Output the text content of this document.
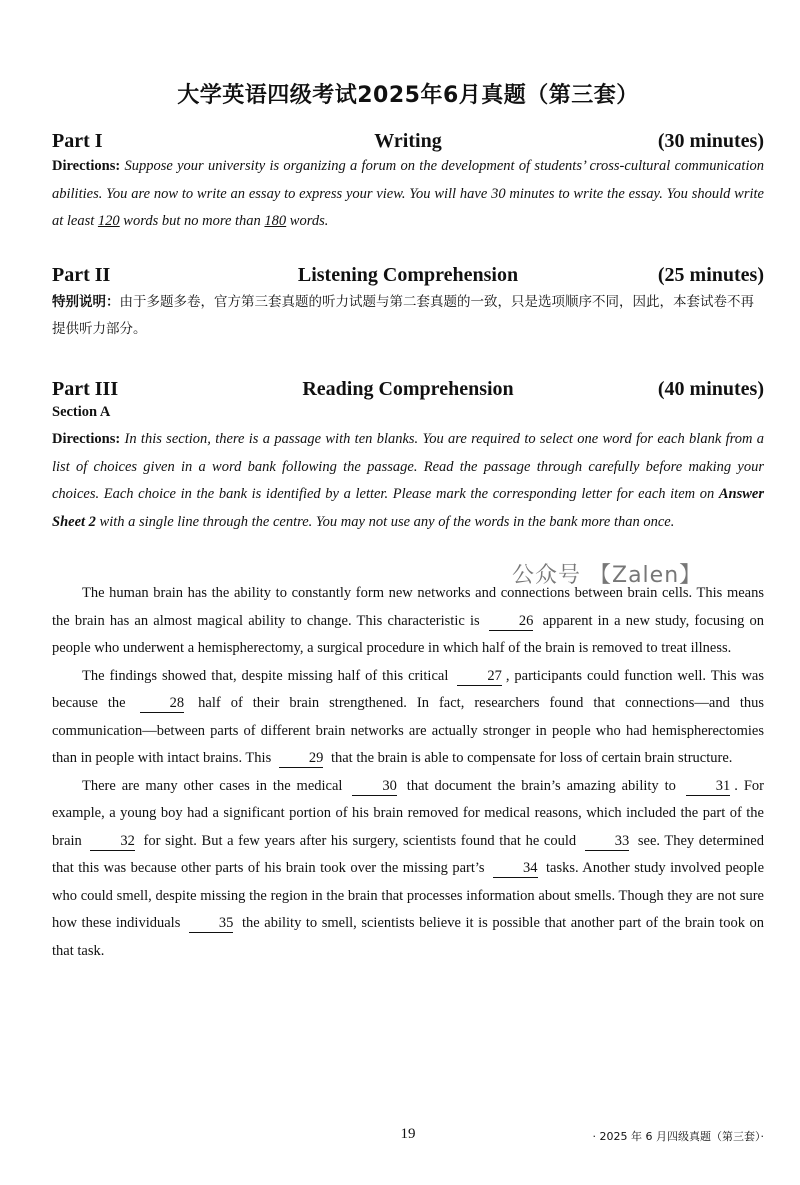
大学英语四级考试2025年6月真题（第三套）
Part I	Writing	(30 minutes)
Directions: Suppose your university is organizing a forum on the development of students’ cross-cultural communication abilities. You are now to write an essay to express your view. You will have 30 minutes to write the essay. You should write at least 120 words but no more than 180 words.
Part II	Listening Comprehension	(25 minutes)
特别说明：由于多题多卷，官方第三套真题的听力试题与第二套真题的一致，只是选项顺序不同，因此，本套试卷不再提供听力部分。
Part III	Reading Comprehension	(40 minutes)
Section A
Directions: In this section, there is a passage with ten blanks. You are required to select one word for each blank from a list of choices given in a word bank following the passage. Read the passage through carefully before making your choices. Each choice in the bank is identified by a letter. Please mark the corresponding letter for each item on Answer Sheet 2 with a single line through the centre. You may not use any of the words in the bank more than once.
公众号 【Zalen】

The human brain has the ability to constantly form new networks and connections between brain cells. This means the brain has an almost magical ability to change. This characteristic is	26 apparent in a new study, focusing on people who underwent a hemispherectomy, a surgical procedure in which half of the brain is removed to treat illness.

The findings showed that, despite missing half of this critical	27 , participants could function well. This was because the	28 half of their brain strengthened. In fact, researchers found that connections—and thus communication—between parts of different brain networks are actually stronger in people who had hemispherectomies than in people with intact brains. This	29 that the brain is able to compensate for loss of certain brain structure.

There are many other cases in the medical	30 that document the brain’s amazing ability to	31 . For example, a young boy had a significant portion of his brain removed for medical reasons, which included the part of the brain	32 for sight. But a few years after his surgery, scientists found that he could	33 see. They determined that this was because other parts of his brain took over the missing part’s	34 tasks. Another study involved people who could smell, despite missing the region in the brain that processes information about smells. Though they are not sure how these individuals	35 the ability to smell, scientists believe it is possible that another part of the brain took on that task.

19	· 2025 年 6 月四级真题（第三套）·
